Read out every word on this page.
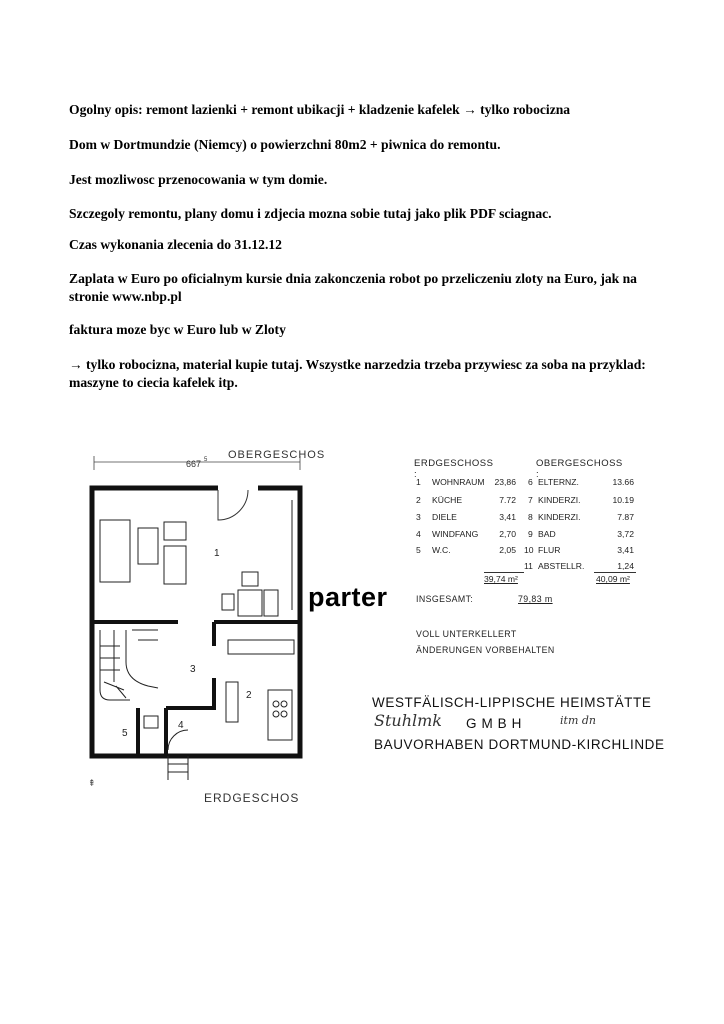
Ogolny opis: remont lazienki + remont ubikacji + kladzenie kafelek → tylko robocizna

Dom w Dortmundzie (Niemcy) o powierzchni 80m2 + piwnica do remontu.

Jest mozliwosc przenocowania w tym domie.

Szczegoly remontu, plany domu i zdjecia mozna sobie tutaj jako plik PDF sciagnac.

Czas wykonania zlecenia do 31.12.12

Zaplata w Euro po oficialnym kursie dnia zakonczenia robot po przeliczeniu zloty na Euro, jak na stronie www.nbp.pl

faktura moze byc w Euro lub w Zloty

→ tylko robocizna, material kupie tutaj. Wszystke narzedzia trzeba przywiesc za soba na przyklad: maszyne to ciecia kafelek itp.

667 5 OBERGESCHOS
1
3
2
4
5
⇞
ERDGESCHOS
parter
ERDGESCHOSS :
OBERGESCHOSS :
1 WOHNRAUM	23,86
2 KÜCHE	7.72
3 DIELE	3,41
4 WINDFANG	2,70
5 W.C.	2,05
6 ELTERNZ.	13.66
7 KINDERZI.	10.19
8 KINDERZI.	7.87
9 BAD	3,72
10 FLUR	3,41
11 ABSTELLR.	1,24
39,74 m²	40,09 m²
INSGESAMT:	79,83 m
VOLL UNTERKELLERT
ÄNDERUNGEN VORBEHALTEN
WESTFÄLISCH-LIPPISCHE HEIMSTÄTTE
Stuhlmk G M B H	itm dn
BAUVORHABEN DORTMUND-KIRCHLINDE
